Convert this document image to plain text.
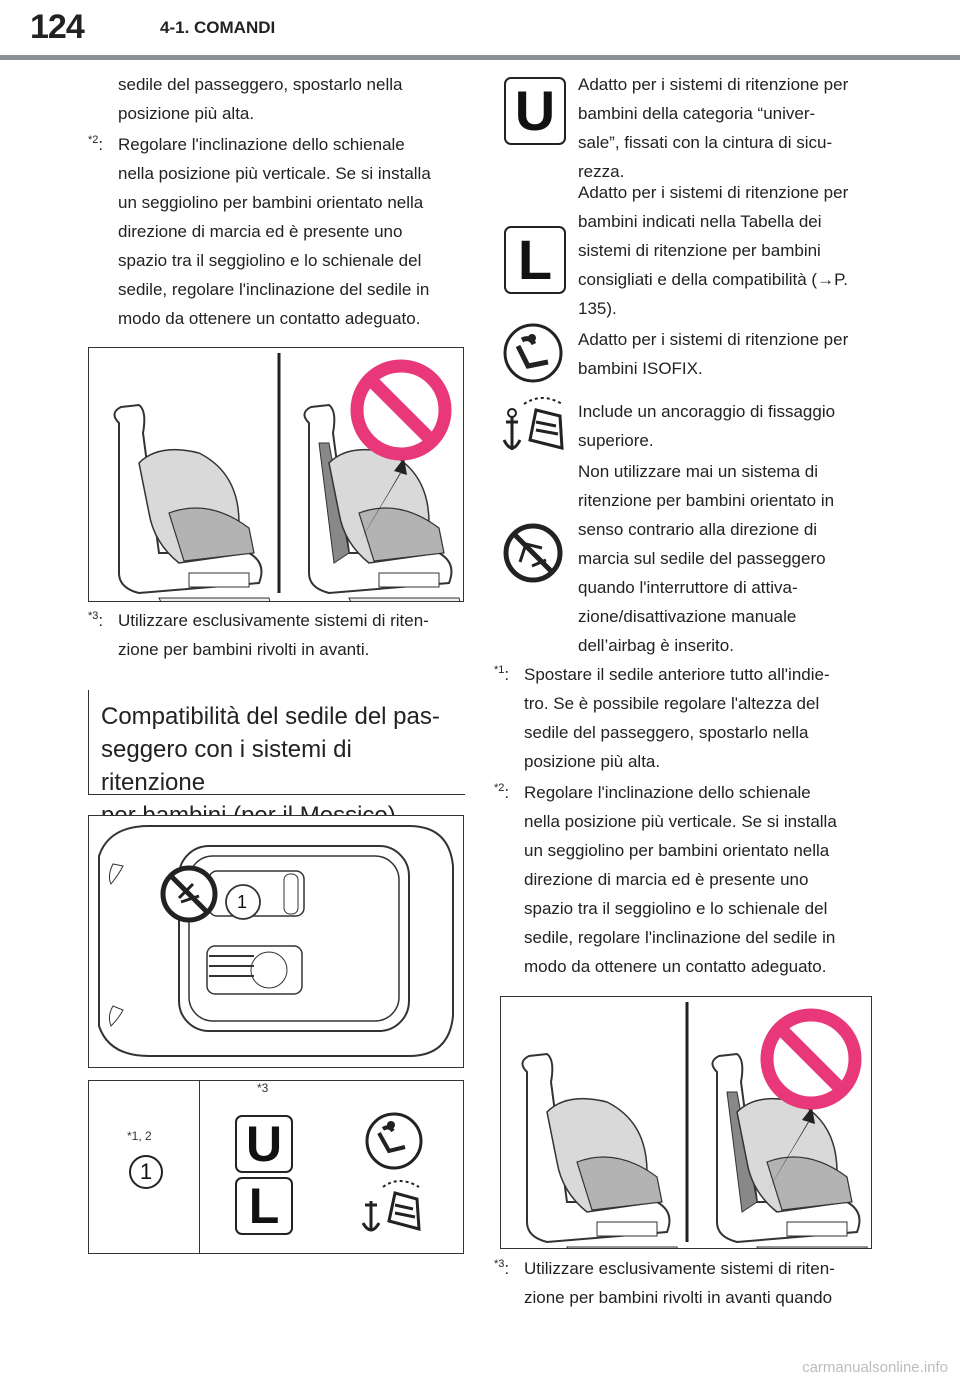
124	4-1. COMANDI
sedile del passeggero, spostarlo nella
posizione più alta.
$^{*2}$: Regolare l'inclinazione dello schienale
nella posizione più verticale. Se si installa
un seggiolino per bambini orientato nella
direzione di marcia ed è presente uno
spazio tra il seggiolino e lo schienale del
sedile, regolare l'inclinazione del sedile in
modo da ottenere un contatto adeguato.
$^{*3}$: Utilizzare esclusivamente sistemi di riten-
zione per bambini rivolti in avanti.
Compatibilità del sedile del pas-
seggero con i sistemi di ritenzione
1
*1, 2
1
*3
U
L
U	Adatto per i sistemi di ritenzione per
bambini della categoria “univer-
sale”, fissati con la cintura di sicu-
rezza.
L
Adatto per i sistemi di ritenzione per
bambini indicati nella Tabella dei
sistemi di ritenzione per bambini
consigliati e della compatibilità (→P.
135).
Adatto per i sistemi di ritenzione per
bambini ISOFIX.
Include un ancoraggio di fissaggio
superiore.
Non utilizzare mai un sistema di
ritenzione per bambini orientato in
senso contrario alla direzione di
marcia sul sedile del passeggero
quando l'interruttore di attiva-
zione/disattivazione manuale
dell’airbag è inserito.
$^{*1}$: Spostare il sedile anteriore tutto all'indie-
tro. Se è possibile regolare l'altezza del
sedile del passeggero, spostarlo nella
posizione più alta.
$^{*2}$: Regolare l'inclinazione dello schienale
nella posizione più verticale. Se si installa
un seggiolino per bambini orientato nella
direzione di marcia ed è presente uno
spazio tra il seggiolino e lo schienale del
sedile, regolare l'inclinazione del sedile in
modo da ottenere un contatto adeguato.
$^{*3}$: Utilizzare esclusivamente sistemi di riten-
zione per bambini rivolti in avanti quando
carmanualsonline.info
